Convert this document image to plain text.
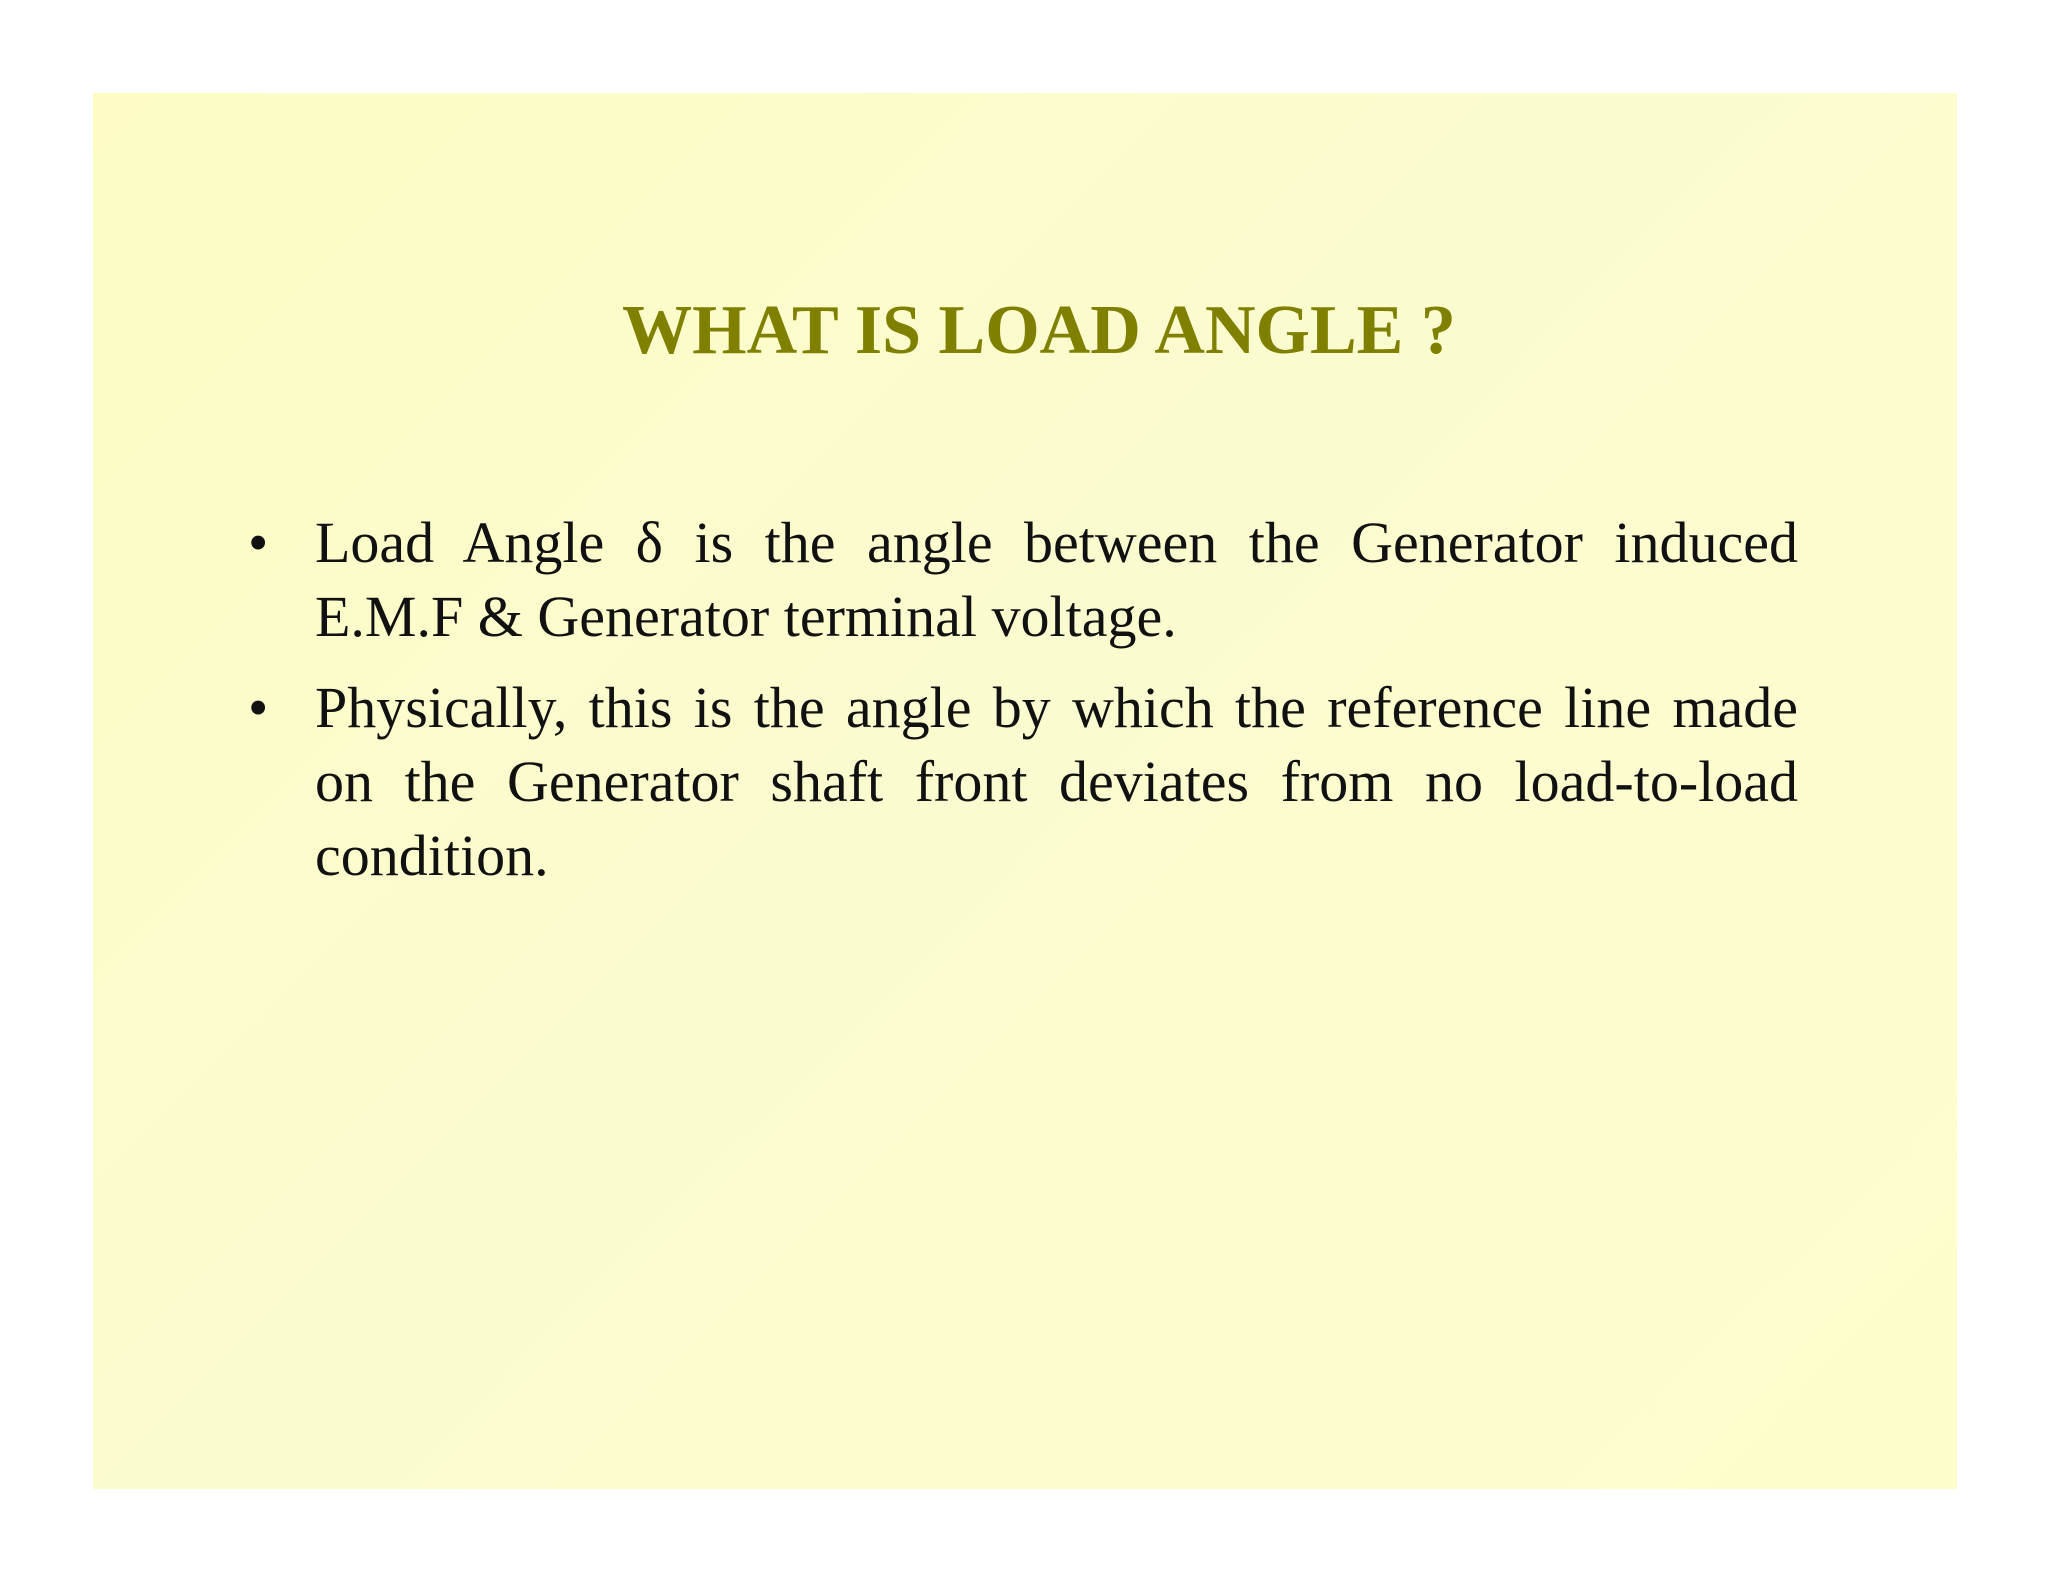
WHAT IS LOAD ANGLE ?
• Load Angle δ is the angle between the Generator induced E.M.F & Generator terminal voltage.
• Physically, this is the angle by which the reference line made on the Generator shaft front deviates from no load-to-load condition.
